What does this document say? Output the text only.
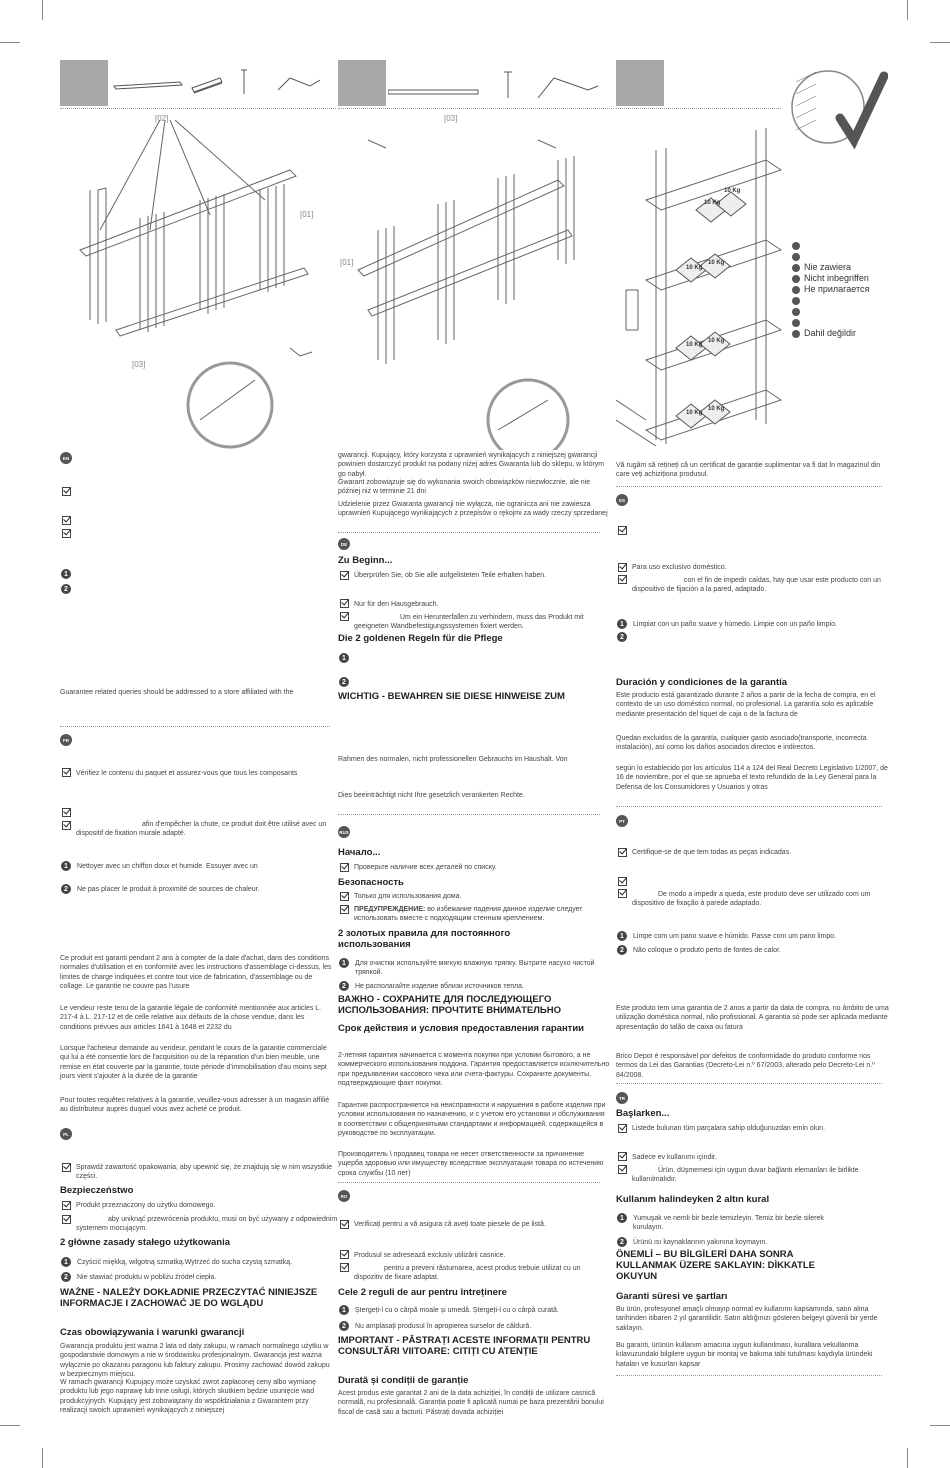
[02]
[01]
[03]
[03]
[01]
10 Kg
10 Kg
10 Kg
10 Kg
10 Kg
10 Kg
10 Kg
10 Kg
Nie zawiera
Nicht inbegriffen
Не прилагается
Dahil değildir
EN
1
2
Guarantee related queries should be addressed to a store affiliated with the
FR
Vérifiez le contenu du paquet et assurez-vous que tous les composants
afin d'empêcher la chute, ce produit doit être utilisé avec un dispositif de fixation murale adapté.
1	Nettoyer avec un chiffon doux et humide. Essuyer avec un
2	Ne pas placer le produit à proximité de sources de chaleur.
Ce produit est garanti pendant 2 ans à compter de la date d'achat, dans des conditions normales d'utilisation et en conformité avec les instructions d'assemblage ci-dessus, les limites de charge indiquées et contre tout vice de fabrication, d'assemblage ou de collage. Le garantie ne couvre pas l'usure
Le vendeur reste tenu de la garantie légale de conformité mentionnée aux articles L. 217-4 à L. 217-12 et de celle relative aux défauts de la chose vendue, dans les conditions prévues aux articles 1641 à 1648 et 2232 du
Lorsque l'acheteur demande au vendeur, pendant le cours de la garantie commerciale qui lui a été consentie lors de l'acquisition ou de la réparation d'un bien meuble, une remise en état couverte par la garantie, toute période d'immobilisation d'au moins sept jours vient s'ajouter à la durée de la garantie
Pour toutes requêtes relatives à la garantie, veuillez-vous adresser à un magasin affilié au distributeur auprès duquel vous avez acheté ce produit.
PL
Sprawdź zawartość opakowania, aby upewnić się, że znajdują się w nim wszystkie części.
Bezpieczeństwo
Produkt przeznaczony do użytku domowego.
aby uniknąć przewrócenia produktu, musi on być używany z odpowiednim systemem mocującym.
2 główne zasady stałego użytkowania
1	Czyścić miękką, wilgotną szmatką.Wytrzeć do sucha czystą szmatką.
2	Nie stawiać produktu w pobliżu źródeł ciepła.
WAŻNE - NALEŻY DOKŁADNIE PRZECZYTAĆ NINIEJSZE INFORMACJE I ZACHOWAĆ JE DO WGLĄDU
Czas obowiązywania i warunki gwarancji
Gwarancja produktu jest ważna 2 lata od daty zakupu, w ramach normalnego użytku w gospodarstwie domowym a nie w środowisku profesjonalnym. Gwarancja jest ważna wyłącznie po okazaniu paragonu lub faktury zakupu. Prosimy zachować dowód zakupu w bezpiecznym miejscu.
W ramach gwarancji Kupujący może uzyskać zwrot zapłaconej ceny albo wymianę produktu lub jego naprawę lub inne usługi, których skutkiem będzie usunięcie wad produkcyjnych. Kupujący jest zobowiązany do współdziałania z Gwarantem przy realizacji swoich uprawnień wynikających z niniejszej
gwarancji. Kupujący, który korzysta z uprawnień wynikających z niniejszej gwarancji powinien dostarczyć produkt na podany niżej adres Gwaranta lub do sklepu, w którym go nabył.
Gwarant zobowiązuje się do wykonania swoich obowiązków niezwłocznie, ale nie później niż w terminie 21 dni
Udzielenie przez Gwaranta gwarancji nie wyłącza, nie ogranicza ani nie zawiesza uprawnień Kupującego wynikających z przepisów o rękojmi za wady rzeczy sprzedanej
DE
Zu Beginn...
Überprüfen Sie, ob Sie alle aufgelisteten Teile erhalten haben.
Nur für den Hausgebrauch.
Um ein Herunterfallen zu verhindern, muss das Produkt mit geeigneten Wandbefestigungssystemen fixiert werden.
Die 2 goldenen Regeln für die Pflege
1
2
WICHTIG - BEWAHREN SIE DIESE HINWEISE ZUM
Rahmen des normalen, nicht professionellen Gebrauchs im Haushalt. Von
Dies beeinträchtigt nicht Ihre gesetzlich verankerten Rechte.
RUS
Начало...
Проверьте наличие всех деталей по списку.
Безопасность
Только для использования дома.
ПРЕДУПРЕЖДЕНИЕ: во избежание падения данное изделие следует использовать вместе с подходящим стенным креплением.
2 золотых правила для постоянного использования
1	Для очистки используйте мягкую влажную тряпку. Вытрите насухо чистой тряпкой.
2	Не располагайте изделие вблизи источников тепла.
ВАЖНО - СОХРАНИТЕ ДЛЯ ПОСЛЕДУЮЩЕГО ИСПОЛЬЗОВАНИЯ: ПРОЧТИТЕ ВНИМАТЕЛЬНО
Срок действия и условия предоставления гарантии
2-летняя гарантия начинается с момента покупки при условии бытового, а не коммерческого использования поддона. Гарантия предоставляется исключительно при предъявлении кассового чека или счета-фактуры. Сохраните документы, подтверждающие факт покупки.
Гарантия распространяется на неисправности и нарушения в работе изделия при условии использования по назначению, и с учетом его установки и обслуживания в соответствии с общепринятыми стандартами и информацией, содержащейся в руководстве по эксплуатации.
Производитель \ продавец товара не несет ответственности за причинение ущерба здоровью или имуществу вследствие эксплуатации товара по истечению срока службы (10 лет)
RO
Verificați pentru a vă asigura că aveți toate piesele de pe listă.
Produsul se adresează exclusiv utilizării casnice.
pentru a preveni răsturnarea, acest produs trebuie utilizat cu un dispozitiv de fixare adaptat.
Cele 2 reguli de aur pentru întreținere
1	Ștergeți-l cu o cârpă moale și umedă. Ștergeți-l cu o cârpă curată.
2	Nu amplasați produsul în apropierea surselor de căldură.
IMPORTANT - PĂSTRAȚI ACESTE INFORMAȚII PENTRU CONSULTĂRI VIITOARE: CITIȚI CU ATENȚIE
Durată și condiții de garanție
Acest produs este garantat 2 ani de la data achiziției, în condiții de utilizare casnică normală, nu profesională. Garanția poate fi aplicată numai pe baza prezentării bonului fiscal de casă sau a facturii. Păstrați dovada achiziției
Vă rugăm să rețineți că un certificat de garanție suplimentar va fi dat în magazinul din care veți achiziționa produsul.
ES
Para uso exclusivo doméstico.
con el fin de impedir caídas, hay que usar este producto con un dispositivo de fijación a la pared, adaptado.
1	Limpiar con un paño suave y húmedo. Limpie con un paño limpio.
2
Duración y condiciones de la garantía
Este producto está garantizado durante 2 años a partir de la fecha de compra, en el contexto de un uso doméstico normal, no profesional. La garantía solo es aplicable mediante presentación del tiquet de caja o de la factura de
Quedan excluidos de la garantía, cualquier gasto asociado(transporte, incorrecta instalación), así como los daños asociados directos e indirectos.
según lo establecido por los artículos 114 a 124 del Real Decreto Legislativo 1/2007, de 16 de noviembre, por el que se aprueba el texto refundido de la Ley General para la Defensa de los Consumidores y Usuarios y otras
PT
Certifique-se de que tem todas as peças indicadas.
De modo a impedir a queda, este produto deve ser utilizado com um dispositivo de fixação à parede adaptado.
1	Limpe com um pano suave e húmido. Passe com um pano limpo.
2	Não coloque o produto perto de fontes de calor.
Este produto tem uma garantia de 2 anos a partir da data de compra, no âmbito de uma utilização doméstica normal, não profissional. A garantia só pode ser aplicada mediante apresentação do talão de caixa ou fatura
Brico Depot é responsável por defeitos de conformidade do produto conforme nos termos da Lei das Garantias (Decreto-Lei n.º 67/2003, alterado pelo Decreto-Lei n.º 84/2008.
TR
Başlarken...
Listede bulunan tüm parçalara sahip olduğunuzdan emin olun.
Sadece ev kullanımı içindir.
Ürün, düşmemesi için uygun duvar bağlantı elemanları ile birlikte kullanılmalıdır.
Kullanım halindeyken 2 altın kural
1	Yumuşak ve nemli bir bezle temizleyin. Temiz bir bezle silerek kurulayın.
2	Ürünü ısı kaynaklarının yakınına koymayın.
ÖNEMLİ – BU BİLGİLERİ DAHA SONRA KULLANMAK ÜZERE SAKLAYIN: DİKKATLE OKUYUN
Garanti süresi ve şartları
Bu ürün, profesyonel amaçlı olmayıp normal ev kullanımı kapsamında, satın alma tarihinden itibaren 2 yıl garantilidir. Satın aldığınızı gösteren belgeyi güvenli bir yerde saklayın.
Bu garanti, ürünün kullanım amacına uygun kullanılması, kurallara vekullanma kılavuzundaki bilgilere uygun bir montaj ve bakıma tabi tutulması kaydıyla üründeki hataları ve kusurları kapsar
